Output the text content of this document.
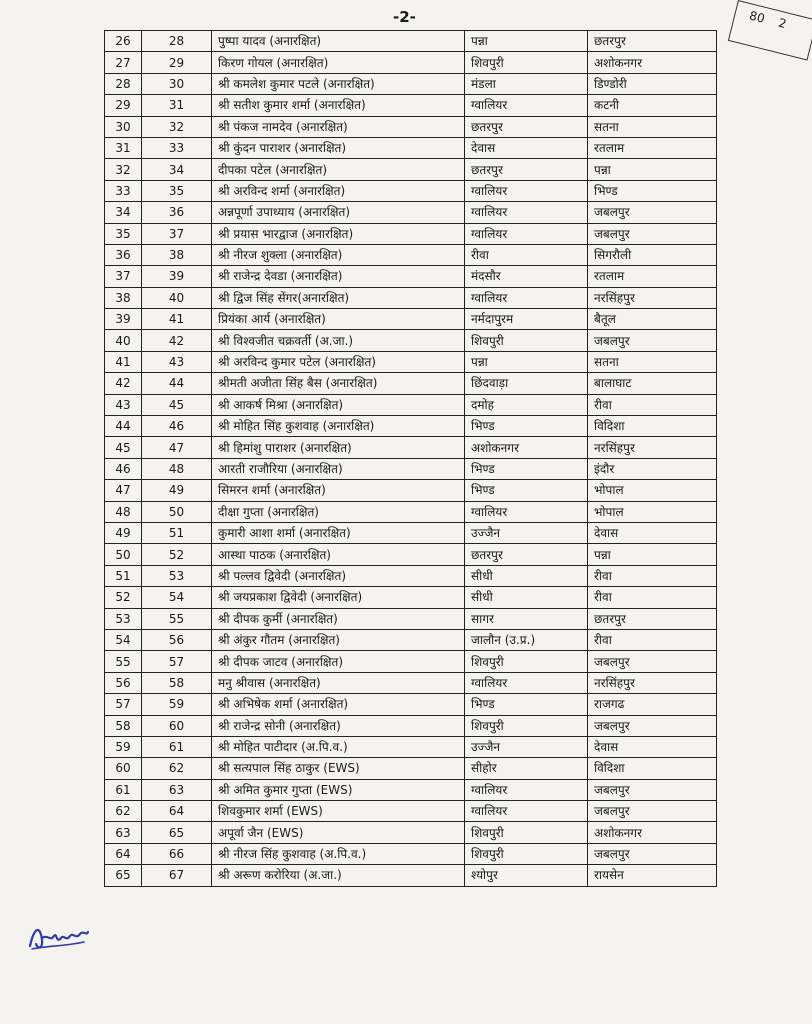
-2-	80 2
26	28	पुष्पा यादव (अनारक्षित)	पन्ना	छतरपुर
27	29	किरण गोयल (अनारक्षित)	शिवपुरी	अशोकनगर
28	30	श्री कमलेश कुमार पटले (अनारक्षित)	मंडला	डिण्डोरी
29	31	श्री सतीश कुमार शर्मा (अनारक्षित)	ग्वालियर	कटनी
30	32	श्री पंकज नामदेव (अनारक्षित)	छतरपुर	सतना
31	33	श्री कुंदन पाराशर (अनारक्षित)	देवास	रतलाम
32	34	दीपका पटेल (अनारक्षित)	छतरपुर	पन्ना
33	35	श्री अरविन्द शर्मा (अनारक्षित)	ग्वालियर	भिण्ड
34	36	अन्नपूर्णा उपाध्याय (अनारक्षित)	ग्वालियर	जबलपुर
35	37	श्री प्रयास भारद्वाज (अनारक्षित)	ग्वालियर	जबलपुर
36	38	श्री नीरज शुक्ला (अनारक्षित)	रीवा	सिगरौली
37	39	श्री राजेन्द्र देवडा (अनारक्षित)	मंदसौर	रतलाम
38	40	श्री द्विज सिंह सेंगर(अनारक्षित)	ग्वालियर	नरसिंहपुर
39	41	प्रियंका आर्य (अनारक्षित)	नर्मदापुरम	बैतूल
40	42	श्री विश्वजीत चक्रवर्ती (अ.जा.)	शिवपुरी	जबलपुर
41	43	श्री अरविन्द कुमार पटेल (अनारक्षित)	पन्ना	सतना
42	44	श्रीमती अजीता सिंह बैस (अनारक्षित)	छिंदवाड़ा	बालाघाट
43	45	श्री आकर्ष मिश्रा (अनारक्षित)	दमोह	रीवा
44	46	श्री मोहित सिंह कुशवाह (अनारक्षित)	भिण्ड	विदिशा
45	47	श्री हिमांशु पाराशर (अनारक्षित)	अशोकनगर	नरसिंहपुर
46	48	आरती राजौरिया (अनारक्षित)	भिण्ड	इंदौर
47	49	सिमरन शर्मा (अनारक्षित)	भिण्ड	भोपाल
48	50	दीक्षा गुप्ता (अनारक्षित)	ग्वालियर	भोपाल
49	51	कुमारी आशा शर्मा (अनारक्षित)	उज्जैन	देवास
50	52	आस्था पाठक (अनारक्षित)	छतरपुर	पन्ना
51	53	श्री पल्लव द्विवेदी (अनारक्षित)	सीधी	रीवा
52	54	श्री जयप्रकाश द्विवेदी (अनारक्षित)	सीधी	रीवा
53	55	श्री दीपक कुर्मी (अनारक्षित)	सागर	छतरपुर
54	56	श्री अंकुर गौतम (अनारक्षित)	जालौन (उ.प्र.)	रीवा
55	57	श्री दीपक जाटव (अनारक्षित)	शिवपुरी	जबलपुर
56	58	मनु श्रीवास (अनारक्षित)	ग्वालियर	नरसिंहपुर
57	59	श्री अभिषेक शर्मा (अनारक्षित)	भिण्ड	राजगढ
58	60	श्री राजेन्द्र सोनी (अनारक्षित)	शिवपुरी	जबलपुर
59	61	श्री मोहित पाटीदार (अ.पि.व.)	उज्जैन	देवास
60	62	श्री सत्यपाल सिंह ठाकुर (EWS)	सीहोर	विदिशा
61	63	श्री अमित कुमार गुप्ता (EWS)	ग्वालियर	जबलपुर
62	64	शिवकुमार शर्मा (EWS)	ग्वालियर	जबलपुर
63	65	अपूर्वा जैन (EWS)	शिवपुरी	अशोकनगर
64	66	श्री नीरज सिंह कुशवाह (अ.पि.व.)	शिवपुरी	जबलपुर
65	67	श्री अरूण करोरिया (अ.जा.)	श्योपुर	रायसेन
